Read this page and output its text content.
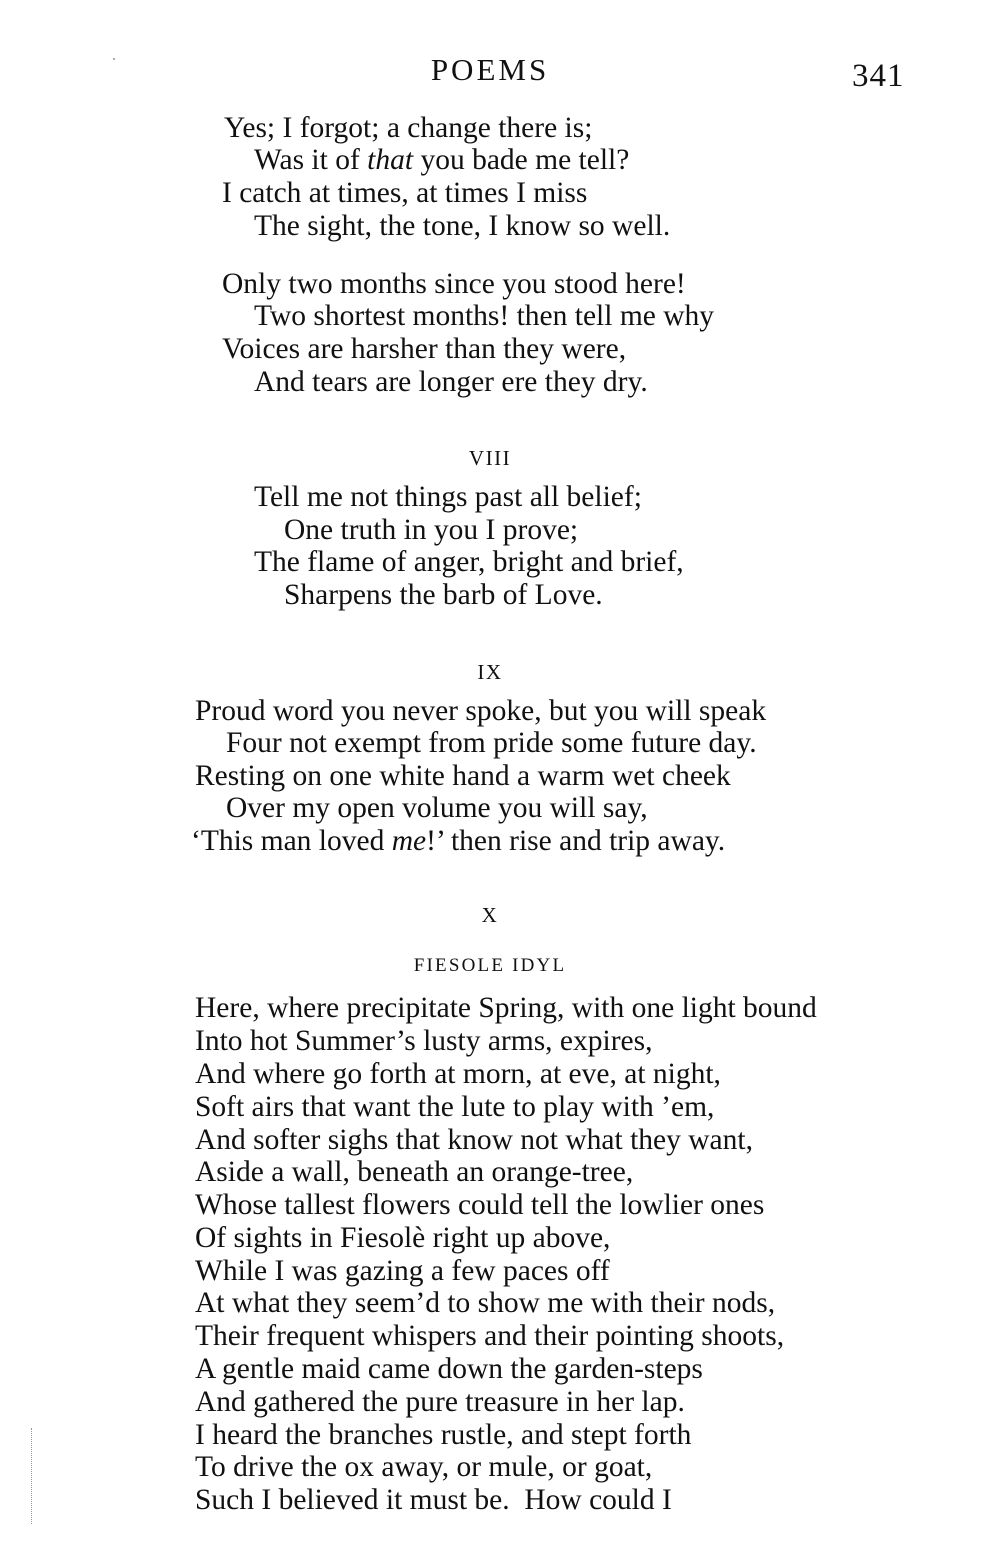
POEMS	341
Yes; I forgot; a change there is;
Was it of that you bade me tell?
I catch at times, at times I miss
The sight, the tone, I know so well.
Only two months since you stood here!
Two shortest months! then tell me why
Voices are harsher than they were,
And tears are longer ere they dry.
VIII
Tell me not things past all belief;
One truth in you I prove;
The flame of anger, bright and brief,
Sharpens the barb of Love.
IX
Proud word you never spoke, but you will speak
Four not exempt from pride some future day.
Resting on one white hand a warm wet cheek
Over my open volume you will say,
‘This man loved me!’ then rise and trip away.
X
FIESOLE IDYL
Here, where precipitate Spring, with one light bound
Into hot Summer’s lusty arms, expires,
And where go forth at morn, at eve, at night,
Soft airs that want the lute to play with ’em,
And softer sighs that know not what they want,
Aside a wall, beneath an orange-tree,
Whose tallest flowers could tell the lowlier ones
Of sights in Fiesolè right up above,
While I was gazing a few paces off
At what they seem’d to show me with their nods,
Their frequent whispers and their pointing shoots,
A gentle maid came down the garden-steps
And gathered the pure treasure in her lap.
I heard the branches rustle, and stept forth
To drive the ox away, or mule, or goat,
Such I believed it must be.  How could I
